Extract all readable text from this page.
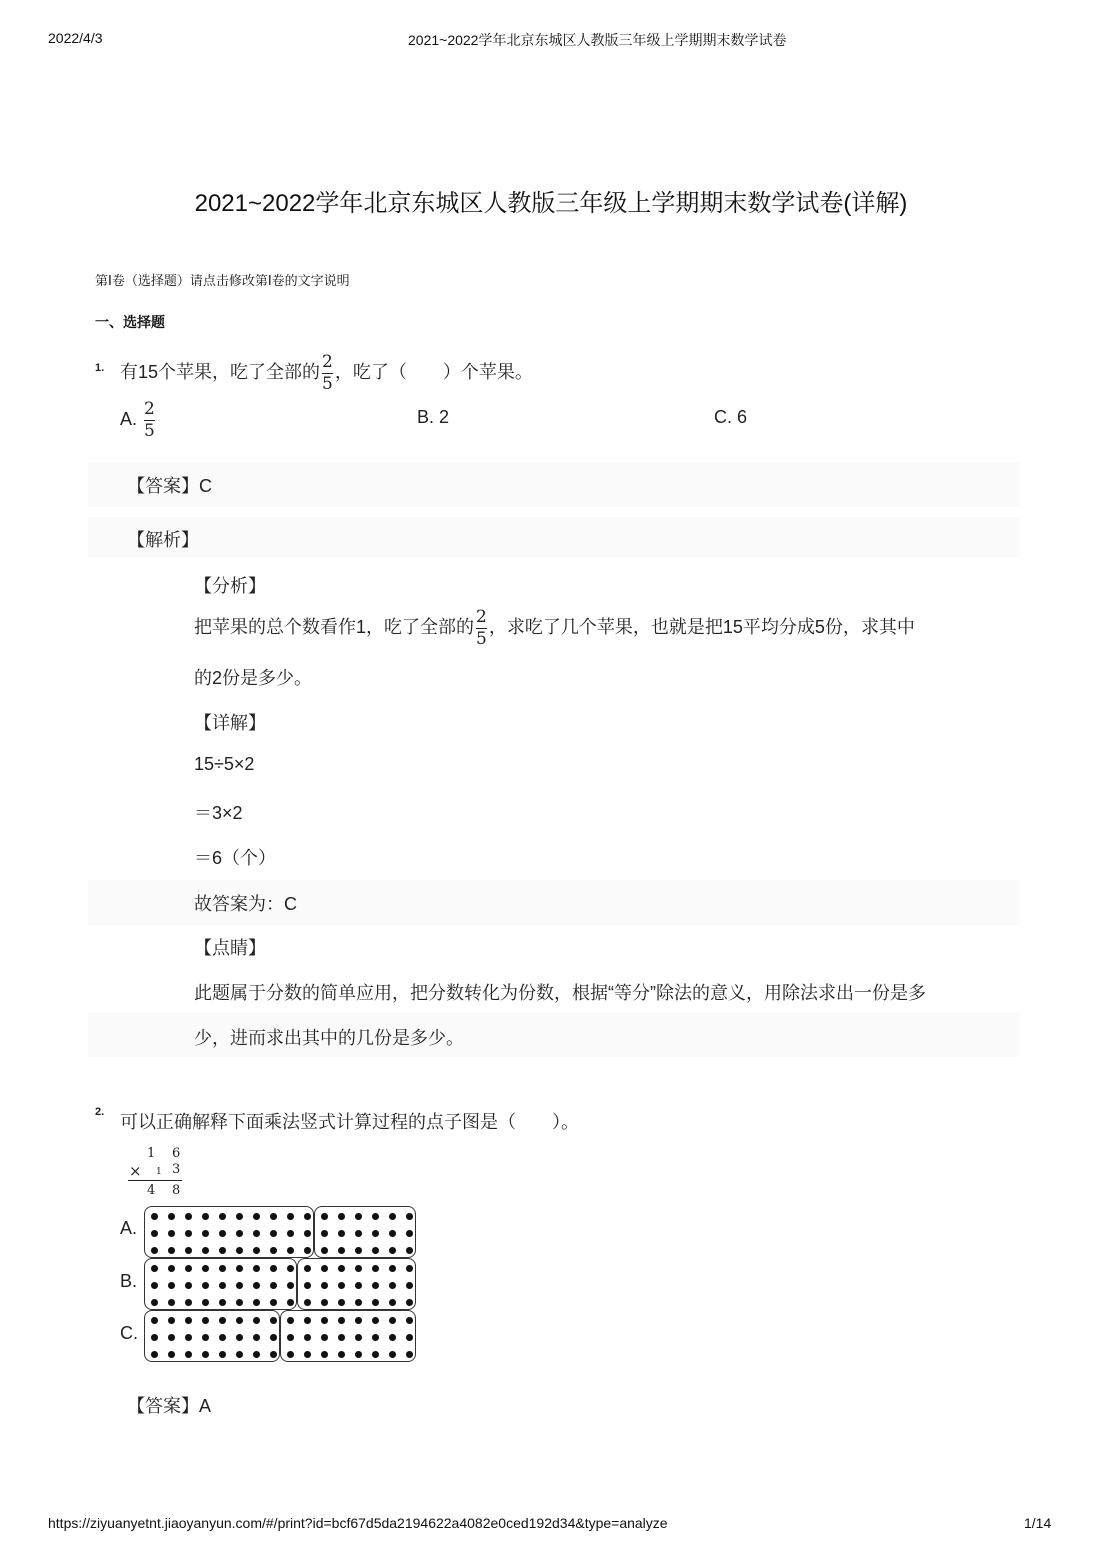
2022/4/3	2021~2022学年北京东城区人教版三年级上学期期末数学试卷
2021~2022学年北京东城区人教版三年级上学期期末数学试卷(详解)
第Ⅰ卷（选择题）请点击修改第Ⅰ卷的文字说明
一、选择题
1. 有15个苹果，吃了全部的 $\frac{2}{5}$ ，吃了（　　）个苹果。
A. $\frac{2}{5}$	B. 2	C. 6
【答案】C
【解析】
【分析】
把苹果的总个数看作1，吃了全部的 $\frac{2}{5}$ ，求吃了几个苹果，也就是把15平均分成5份，求其中
的2份是多少。
【详解】
15÷5×2
＝3×2
＝6（个）
故答案为：C
【点睛】
此题属于分数的简单应用，把分数转化为份数，根据“等分”除法的意义，用除法求出一份是多
少，进而求出其中的几份是多少。
2. 可以正确解释下面乘法竖式计算过程的点子图是（　　）。
1 6
× 1 3
4 8
A.
B.
C.
【答案】A
https://ziyuanyetnt.jiaoyanyun.com/#/print?id=bcf67d5da2194622a4082e0ced192d34&type=analyze	1/14
